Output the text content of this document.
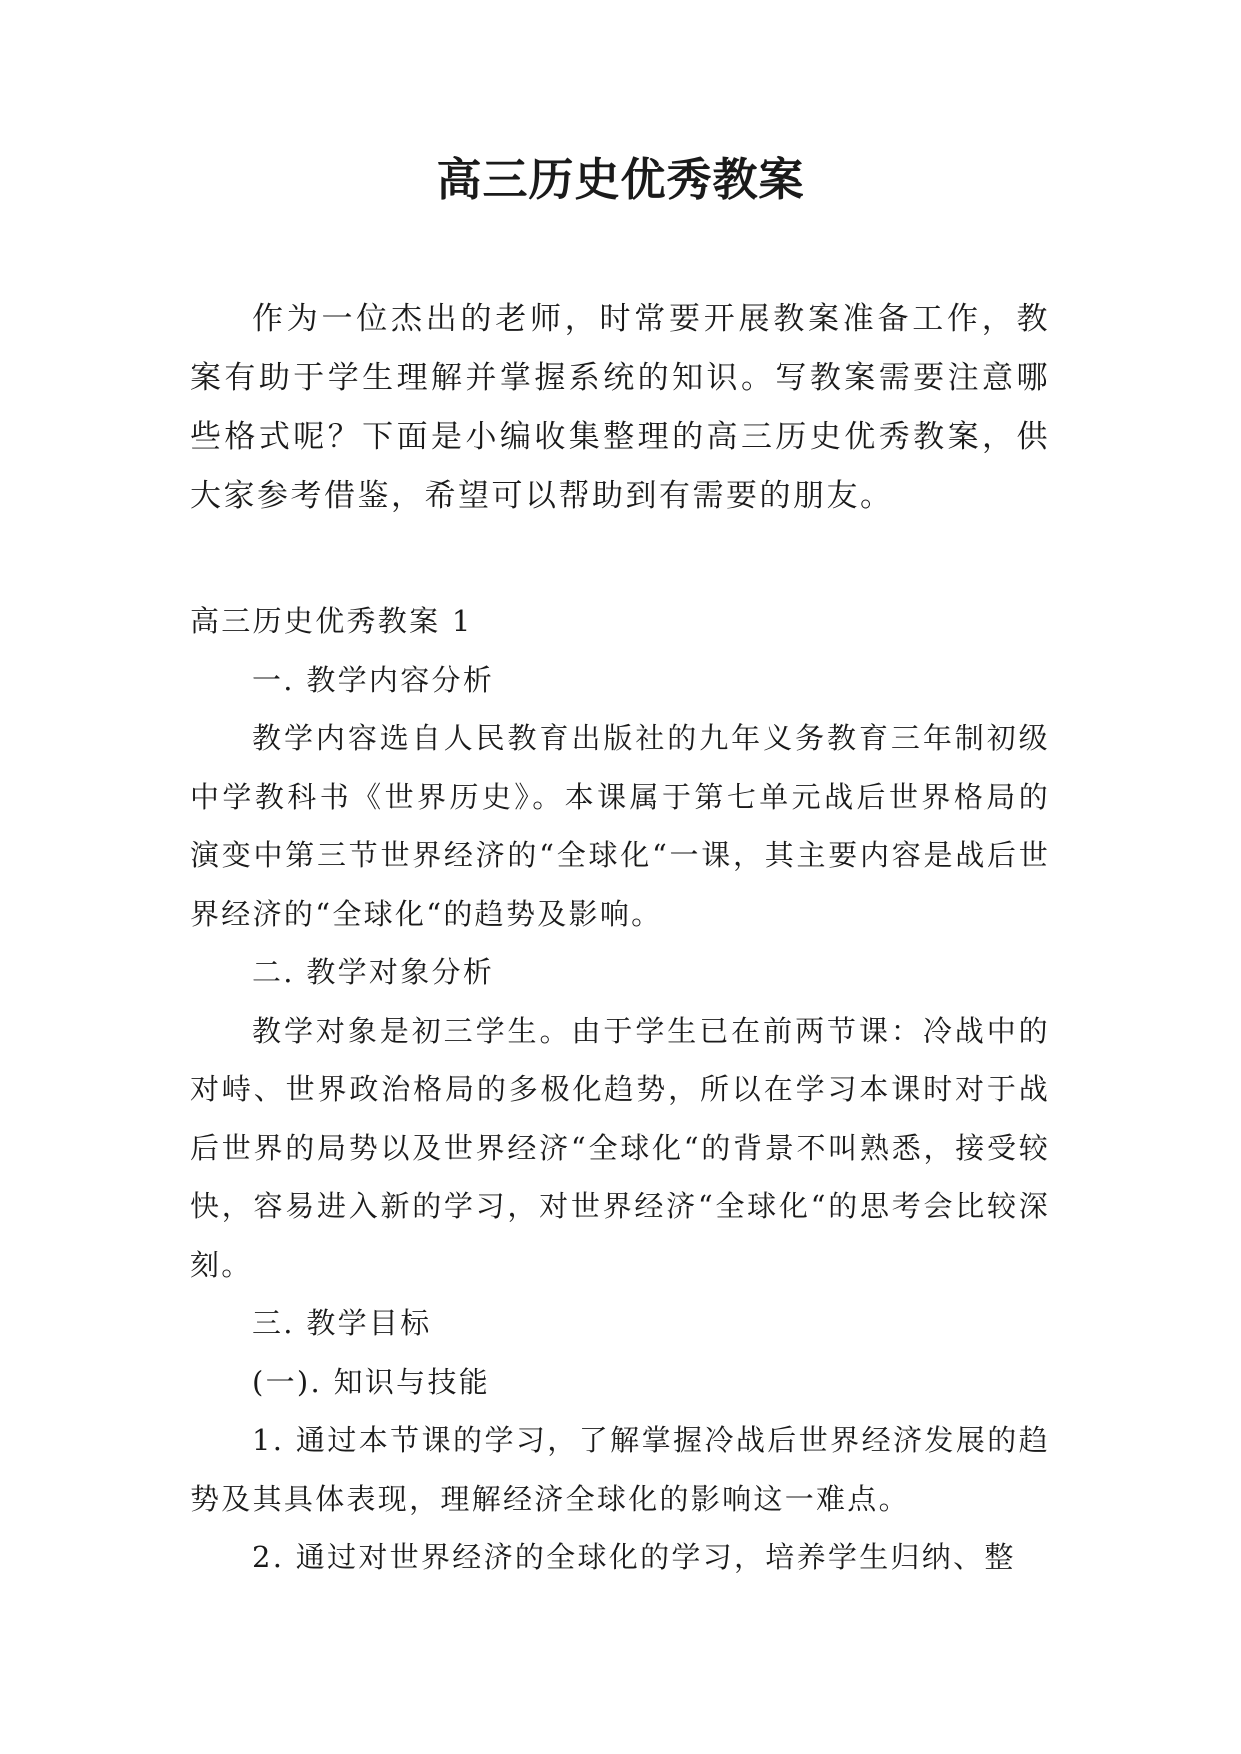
高三历史优秀教案

作为一位杰出的老师，时常要开展教案准备工作，教案有助于学生理解并掌握系统的知识。写教案需要注意哪些格式呢？下面是小编收集整理的高三历史优秀教案，供大家参考借鉴，希望可以帮助到有需要的朋友。

高三历史优秀教案 1

一. 教学内容分析

教学内容选自人民教育出版社的九年义务教育三年制初级中学教科书《世界历史》。本课属于第七单元战后世界格局的演变中第三节世界经济的“全球化“一课，其主要内容是战后世界经济的“全球化“的趋势及影响。

二. 教学对象分析

教学对象是初三学生。由于学生已在前两节课：冷战中的对峙、世界政治格局的多极化趋势，所以在学习本课时对于战后世界的局势以及世界经济“全球化“的背景不叫熟悉，接受较快，容易进入新的学习，对世界经济“全球化“的思考会比较深刻。

三. 教学目标

(一). 知识与技能

1. 通过本节课的学习，了解掌握冷战后世界经济发展的趋势及其具体表现，理解经济全球化的影响这一难点。

2. 通过对世界经济的全球化的学习，培养学生归纳、整
